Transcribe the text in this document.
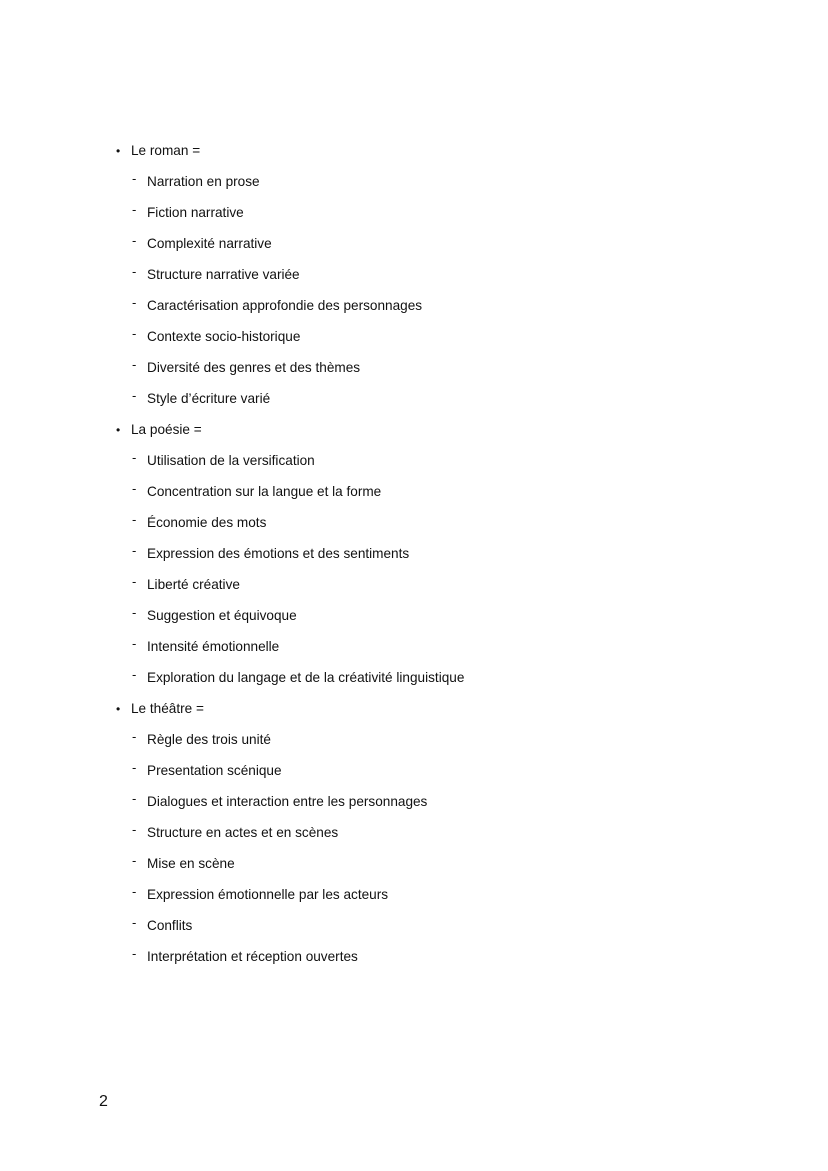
• Le roman =
- Narration en prose
- Fiction narrative
- Complexité narrative
- Structure narrative variée
- Caractérisation approfondie des personnages
- Contexte socio-historique
- Diversité des genres et des thèmes
- Style d’écriture varié
• La poésie =
- Utilisation de la versification
- Concentration sur la langue et la forme
- Économie des mots
- Expression des émotions et des sentiments
- Liberté créative
- Suggestion et équivoque
- Intensité émotionnelle
- Exploration du langage et de la créativité linguistique
• Le théâtre =
- Règle des trois unité
- Presentation scénique
- Dialogues et interaction entre les personnages
- Structure en actes et en scènes
- Mise en scène
- Expression émotionnelle par les acteurs
- Conflits
- Interprétation et réception ouvertes
2
